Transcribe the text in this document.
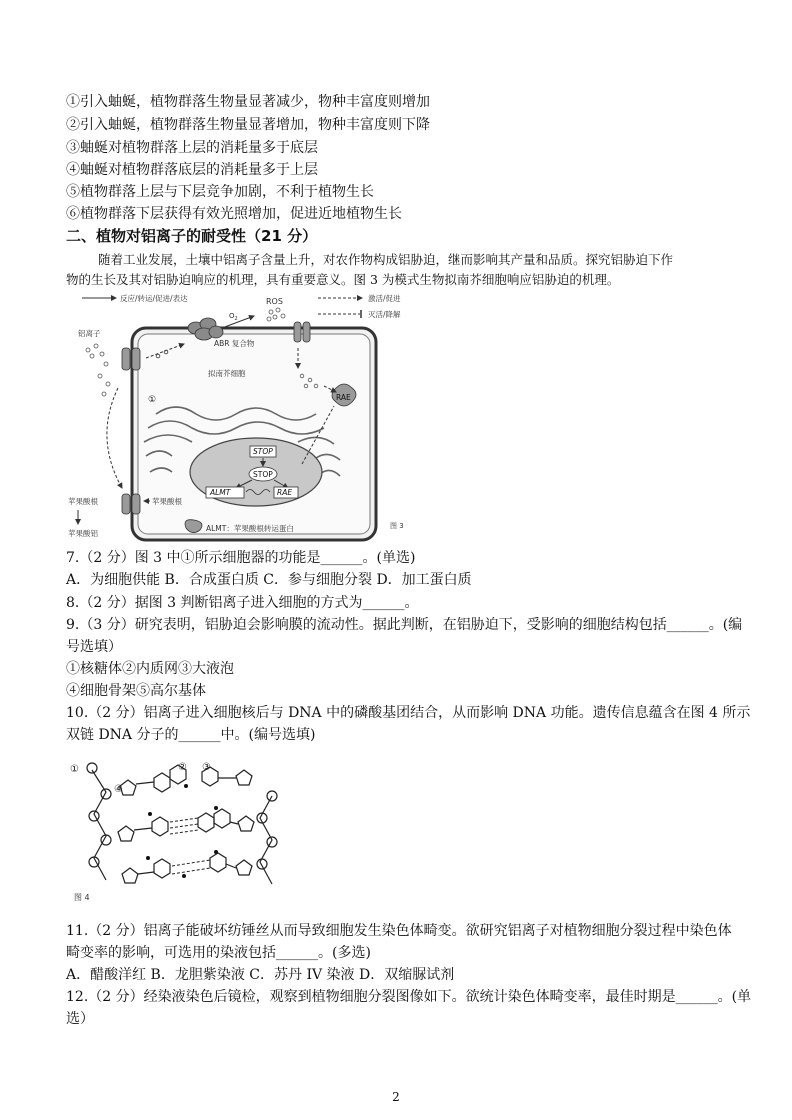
①引入蚰蜒，植物群落生物量显著减少，物种丰富度则增加
②引入蚰蜒，植物群落生物量显著增加，物种丰富度则下降
③蚰蜒对植物群落上层的消耗量多于底层
④蚰蜒对植物群落底层的消耗量多于上层
⑤植物群落上层与下层竞争加剧，不利于植物生长
⑥植物群落下层获得有效光照增加，促进近地植物生长
二、植物对铝离子的耐受性（21 分）
随着工业发展，土壤中铝离子含量上升，对农作物构成铝胁迫，继而影响其产量和品质。探究铝胁迫下作
物的生长及其对铝胁迫响应的机理，具有重要意义。图 3 为模式生物拟南芥细胞响应铝胁迫的机理。
反应/转运/促进/表达	激活/促进
灭活/降解
ROS
$O_2$
ABR 复合物
铝离子
拟南芥细胞
RAE
①
STOP
STOP
ALMT	RAE
苹果酸根
苹果酸根
苹果酸铝
ALMT：苹果酸根转运蛋白	图 3
7.（2 分）图 3 中①所示细胞器的功能是______。(单选)
A．为细胞供能 B．合成蛋白质 C．参与细胞分裂 D．加工蛋白质
8.（2 分）据图 3 判断铝离子进入细胞的方式为______。
9.（3 分）研究表明，铝胁迫会影响膜的流动性。据此判断，在铝胁迫下，受影响的细胞结构包括______。(编
号选填）
①核糖体②内质网③大液泡
④细胞骨架⑤高尔基体
10.（2 分）铝离子进入细胞核后与 DNA 中的磷酸基团结合，从而影响 DNA 功能。遗传信息蕴含在图 4 所示
双链 DNA 分子的______中。(编号选填)
①	② ③
④
图 4
11.（2 分）铝离子能破坏纺锤丝从而导致细胞发生染色体畸变。欲研究铝离子对植物细胞分裂过程中染色体
畸变率的影响，可选用的染液包括______。(多选)
A．醋酸洋红 B．龙胆紫染液 C．苏丹 IV 染液 D．双缩脲试剂
12.（2 分）经染液染色后镜检，观察到植物细胞分裂图像如下。欲统计染色体畸变率，最佳时期是______。(单
选）
2
